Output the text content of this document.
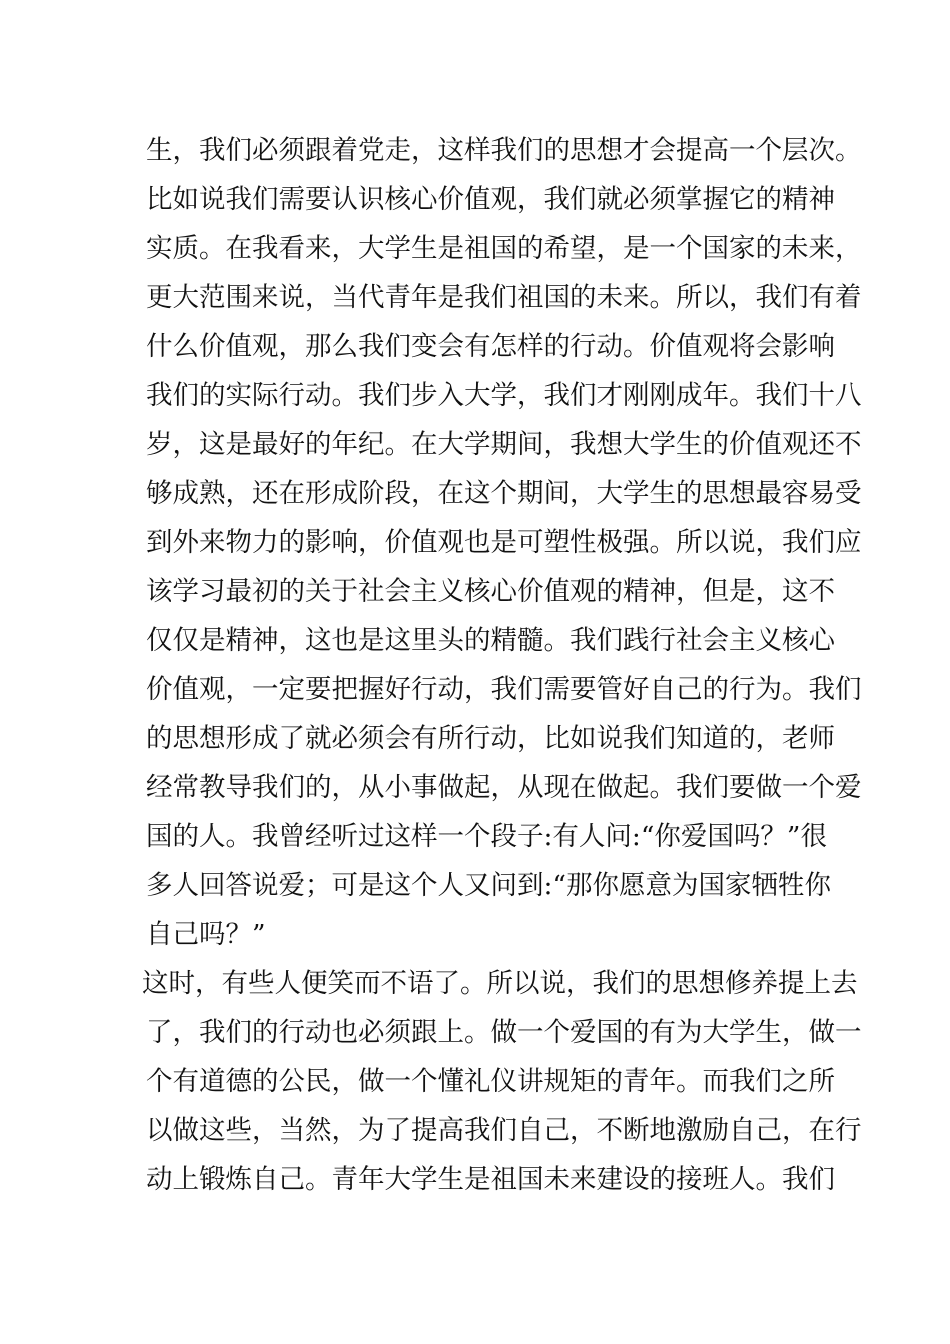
生，我们必须跟着党走，这样我们的思想才会提高一个层次。
比如说我们需要认识核心价值观，我们就必须掌握它的精神
实质。在我看来，大学生是祖国的希望，是一个国家的未来，
更大范围来说，当代青年是我们祖国的未来。所以，我们有着
什么价值观，那么我们变会有怎样的行动。价值观将会影响
我们的实际行动。我们步入大学，我们才刚刚成年。我们十八
岁，这是最好的年纪。在大学期间，我想大学生的价值观还不
够成熟，还在形成阶段，在这个期间，大学生的思想最容易受
到外来物力的影响，价值观也是可塑性极强。所以说，我们应
该学习最初的关于社会主义核心价值观的精神，但是，这不
仅仅是精神，这也是这里头的精髓。我们践行社会主义核心
价值观，一定要把握好行动，我们需要管好自己的行为。我们
的思想形成了就必须会有所行动，比如说我们知道的，老师
经常教导我们的，从小事做起，从现在做起。我们要做一个爱
国的人。我曾经听过这样一个段子:有人问:“你爱国吗？”很
多人回答说爱；可是这个人又问到:“那你愿意为国家牺牲你
自己吗？”
这时，有些人便笑而不语了。所以说，我们的思想修养提上去
了，我们的行动也必须跟上。做一个爱国的有为大学生，做一
个有道德的公民，做一个懂礼仪讲规矩的青年。而我们之所
以做这些，当然，为了提高我们自己，不断地激励自己，在行
动上锻炼自己。青年大学生是祖国未来建设的接班人。我们
